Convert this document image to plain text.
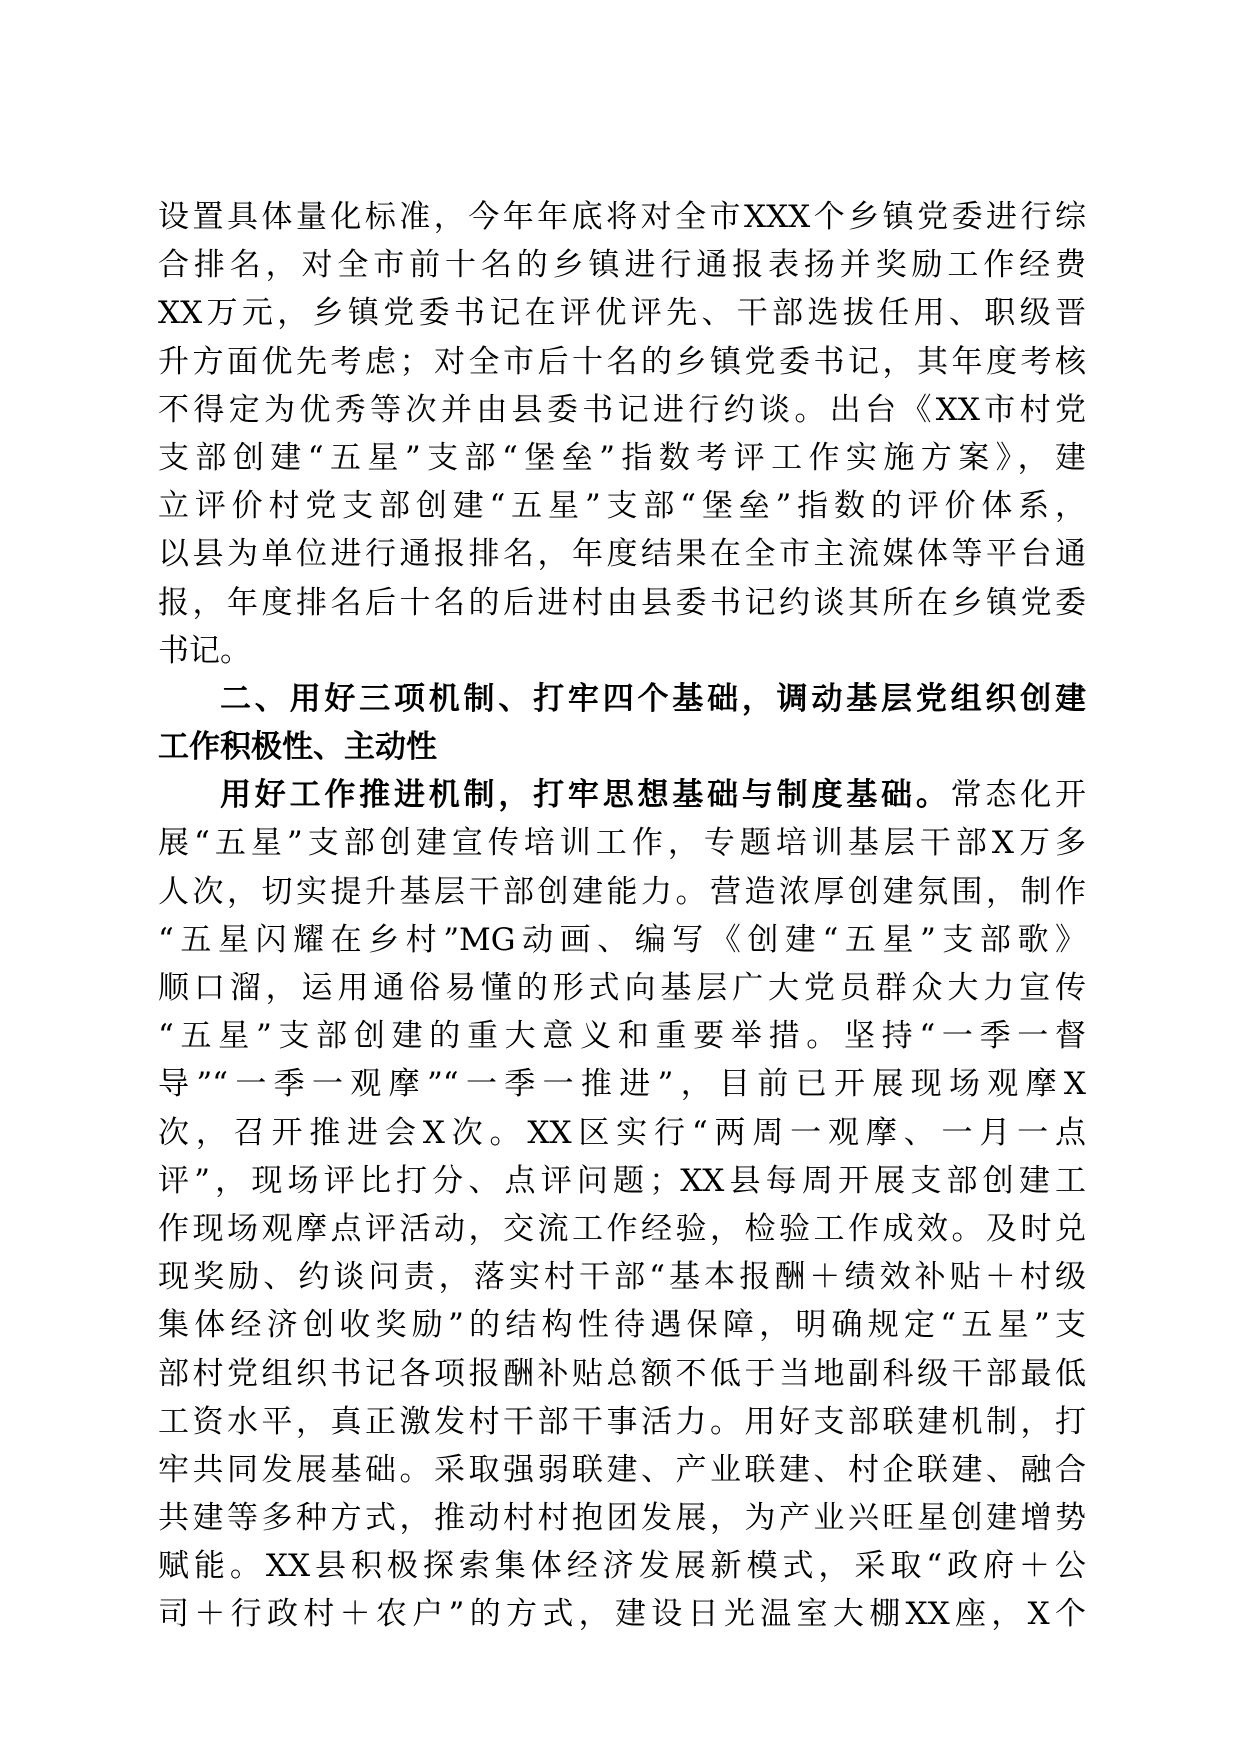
设置具体量化标准，今年年底将对全市XXX个乡镇党委进行综
合排名，对全市前十名的乡镇进行通报表扬并奖励工作经费
XX万元，乡镇党委书记在评优评先、干部选拔任用、职级晋
升方面优先考虑；对全市后十名的乡镇党委书记，其年度考核
不得定为优秀等次并由县委书记进行约谈。出台《XX市村党
支部创建“五星”支部“堡垒”指数考评工作实施方案》，建
立评价村党支部创建“五星”支部“堡垒”指数的评价体系，
以县为单位进行通报排名，年度结果在全市主流媒体等平台通
报，年度排名后十名的后进村由县委书记约谈其所在乡镇党委
书记。
二、用好三项机制、打牢四个基础，调动基层党组织创建
工作积极性、主动性
用好工作推进机制，打牢思想基础与制度基础。常态化开
展“五星”支部创建宣传培训工作，专题培训基层干部X万多
人次，切实提升基层干部创建能力。营造浓厚创建氛围，制作
“五星闪耀在乡村”MG动画、编写《创建“五星”支部歌》
顺口溜，运用通俗易懂的形式向基层广大党员群众大力宣传
“五星”支部创建的重大意义和重要举措。坚持“一季一督
导”“一季一观摩”“一季一推进”，目前已开展现场观摩X
次，召开推进会X次。XX区实行“两周一观摩、一月一点
评”，现场评比打分、点评问题；XX县每周开展支部创建工
作现场观摩点评活动，交流工作经验，检验工作成效。及时兑
现奖励、约谈问责，落实村干部“基本报酬＋绩效补贴＋村级
集体经济创收奖励”的结构性待遇保障，明确规定“五星”支
部村党组织书记各项报酬补贴总额不低于当地副科级干部最低
工资水平，真正激发村干部干事活力。用好支部联建机制，打
牢共同发展基础。采取强弱联建、产业联建、村企联建、融合
共建等多种方式，推动村村抱团发展，为产业兴旺星创建增势
赋能。XX县积极探索集体经济发展新模式，采取“政府＋公
司＋行政村＋农户”的方式，建设日光温室大棚XX座，X个
